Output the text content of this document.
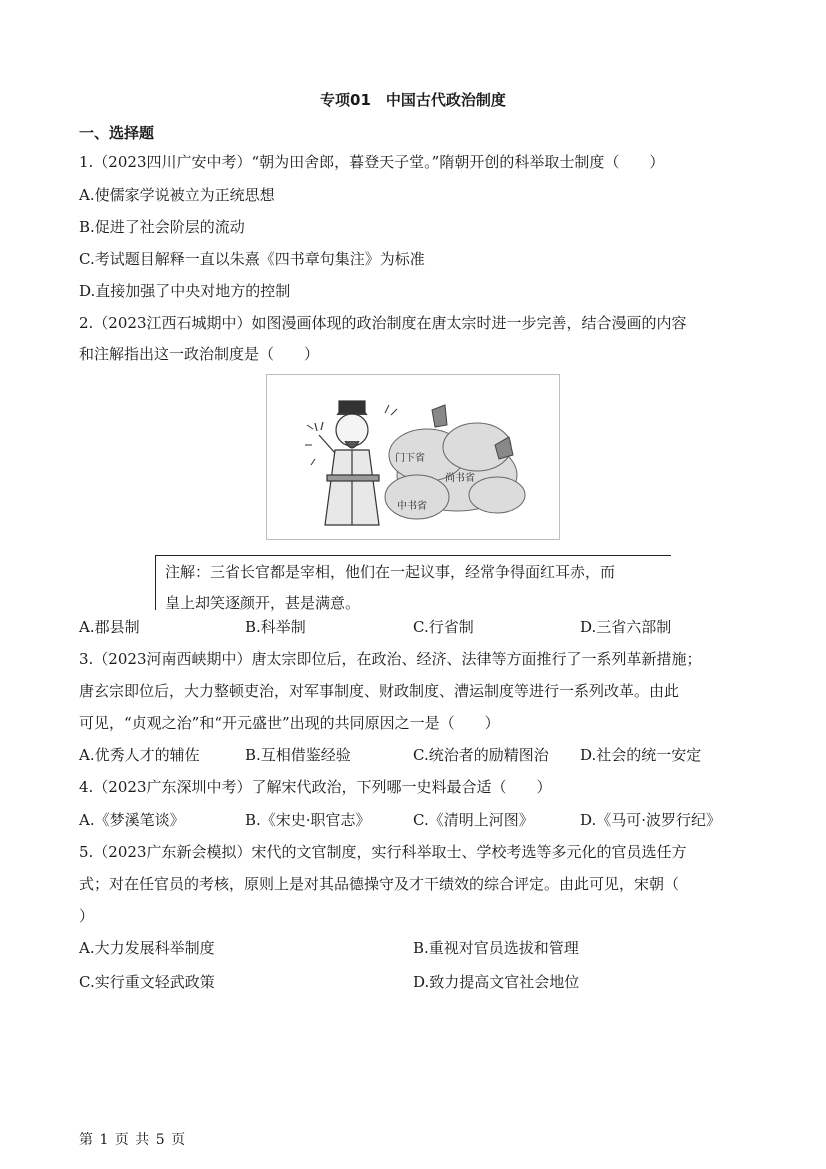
专项01　中国古代政治制度
一、选择题
1.（2023四川广安中考）“朝为田舍郎，暮登天子堂。”隋朝开创的科举取士制度（　　）
A.使儒家学说被立为正统思想
B.促进了社会阶层的流动
C.考试题目解释一直以朱熹《四书章句集注》为标准
D.直接加强了中央对地方的控制
2.（2023江西石城期中）如图漫画体现的政治制度在唐太宗时进一步完善，结合漫画的内容
和注解指出这一政治制度是（　　）
门下省
尚书省
中书省
注解：三省长官都是宰相，他们在一起议事，经常争得面红耳赤，而
皇上却笑逐颜开，甚是满意。
A.郡县制	B.科举制	C.行省制	D.三省六部制
3.（2023河南西峡期中）唐太宗即位后，在政治、经济、法律等方面推行了一系列革新措施；
唐玄宗即位后，大力整顿吏治，对军事制度、财政制度、漕运制度等进行一系列改革。由此
可见，“贞观之治”和“开元盛世”出现的共同原因之一是（　　）
A.优秀人才的辅佐	B.互相借鉴经验	C.统治者的励精图治 D.社会的统一安定
4.（2023广东深圳中考）了解宋代政治，下列哪一史料最合适（　　）
A.《梦溪笔谈》	B.《宋史·职官志》	C.《清明上河图》	D.《马可·波罗行纪》
5.（2023广东新会模拟）宋代的文官制度，实行科举取士、学校考选等多元化的官员选任方
式；对在任官员的考核，原则上是对其品德操守及才干绩效的综合评定。由此可见，宋朝（
）
A.大力发展科举制度	B.重视对官员选拔和管理
C.实行重文轻武政策	D.致力提高文官社会地位
第 1 页 共 5 页
